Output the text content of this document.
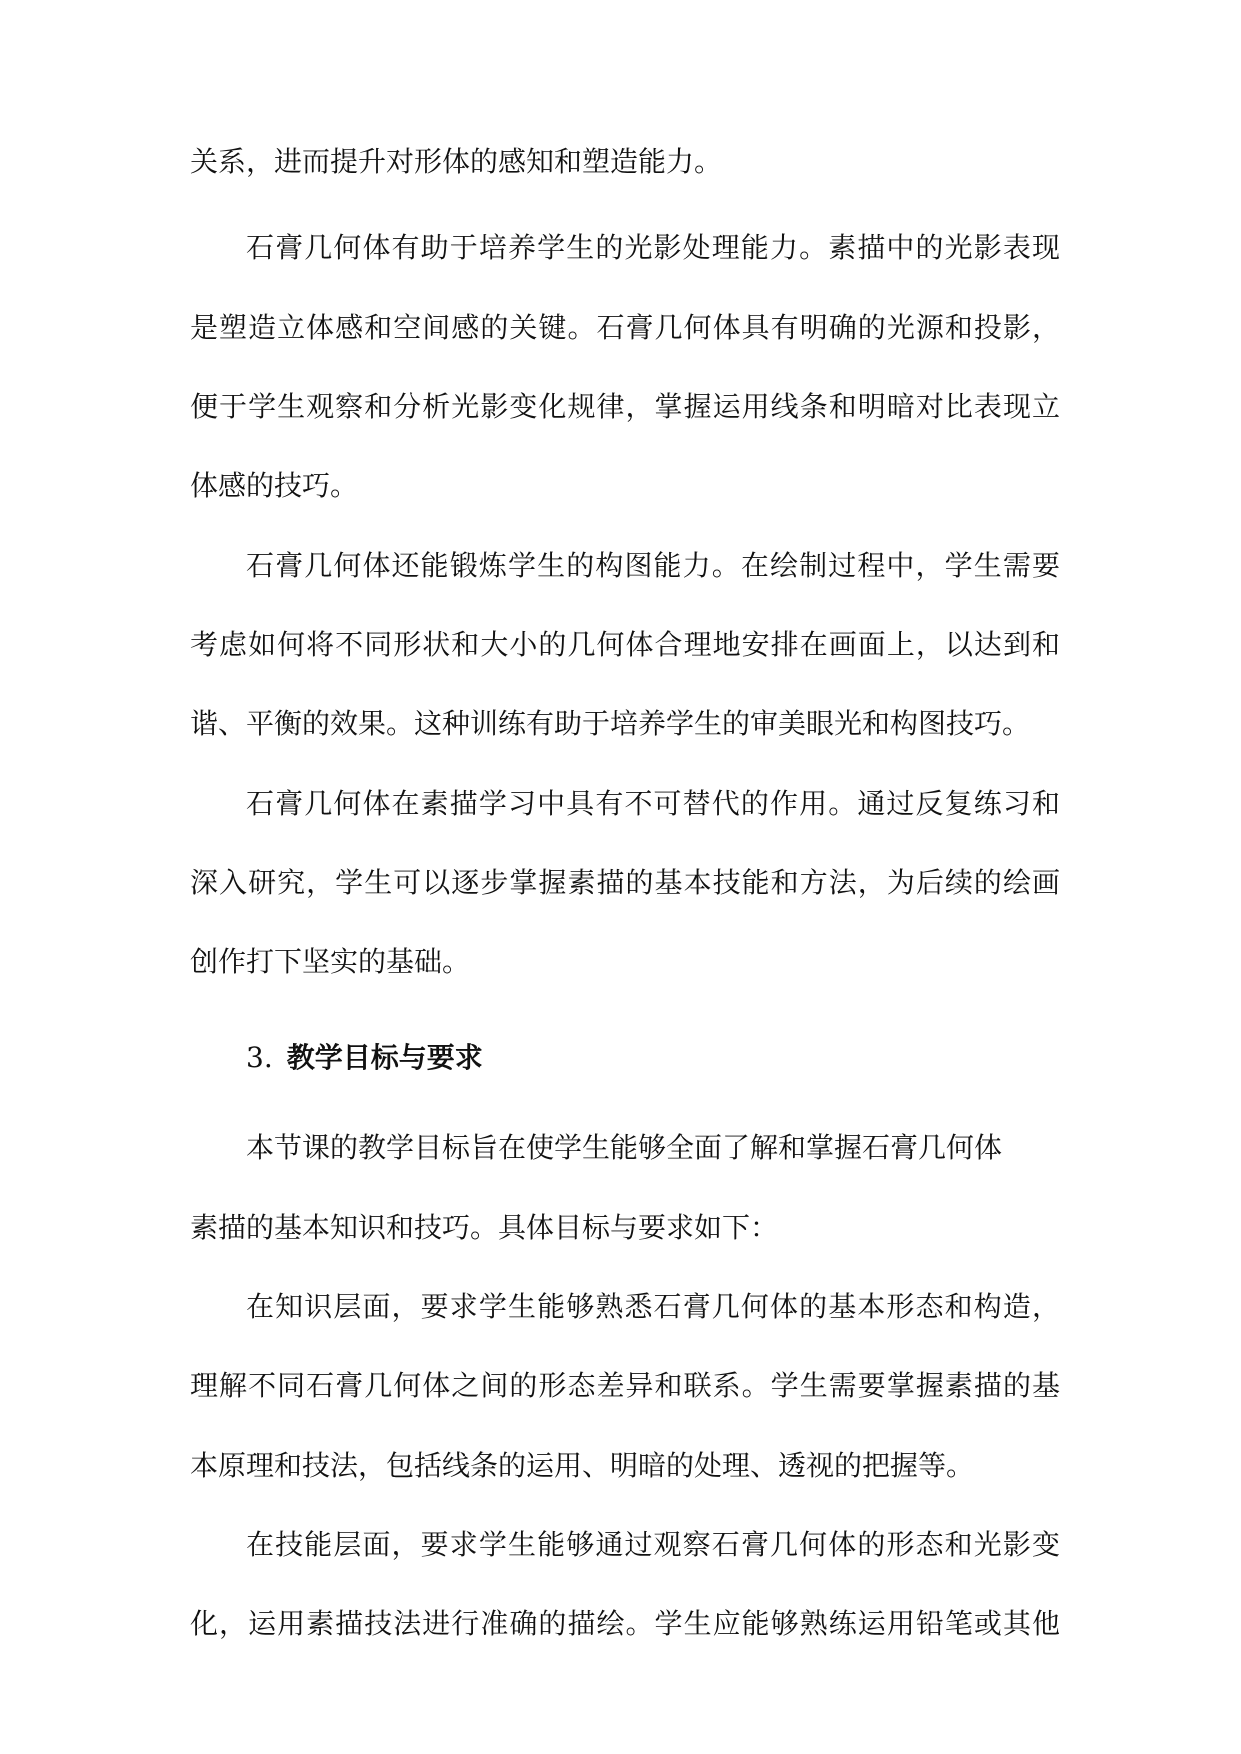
关系，进而提升对形体的感知和塑造能力。
石膏几何体有助于培养学生的光影处理能力。素描中的光影表现
是塑造立体感和空间感的关键。石膏几何体具有明确的光源和投影，
便于学生观察和分析光影变化规律，掌握运用线条和明暗对比表现立
体感的技巧。
石膏几何体还能锻炼学生的构图能力。在绘制过程中，学生需要
考虑如何将不同形状和大小的几何体合理地安排在画面上，以达到和
谐、平衡的效果。这种训练有助于培养学生的审美眼光和构图技巧。
石膏几何体在素描学习中具有不可替代的作用。通过反复练习和
深入研究，学生可以逐步掌握素描的基本技能和方法，为后续的绘画
创作打下坚实的基础。
3. 教学目标与要求
本节课的教学目标旨在使学生能够全面了解和掌握石膏几何体
素描的基本知识和技巧。具体目标与要求如下：
在知识层面，要求学生能够熟悉石膏几何体的基本形态和构造，
理解不同石膏几何体之间的形态差异和联系。学生需要掌握素描的基
本原理和技法，包括线条的运用、明暗的处理、透视的把握等。
在技能层面，要求学生能够通过观察石膏几何体的形态和光影变
化，运用素描技法进行准确的描绘。学生应能够熟练运用铅笔或其他
